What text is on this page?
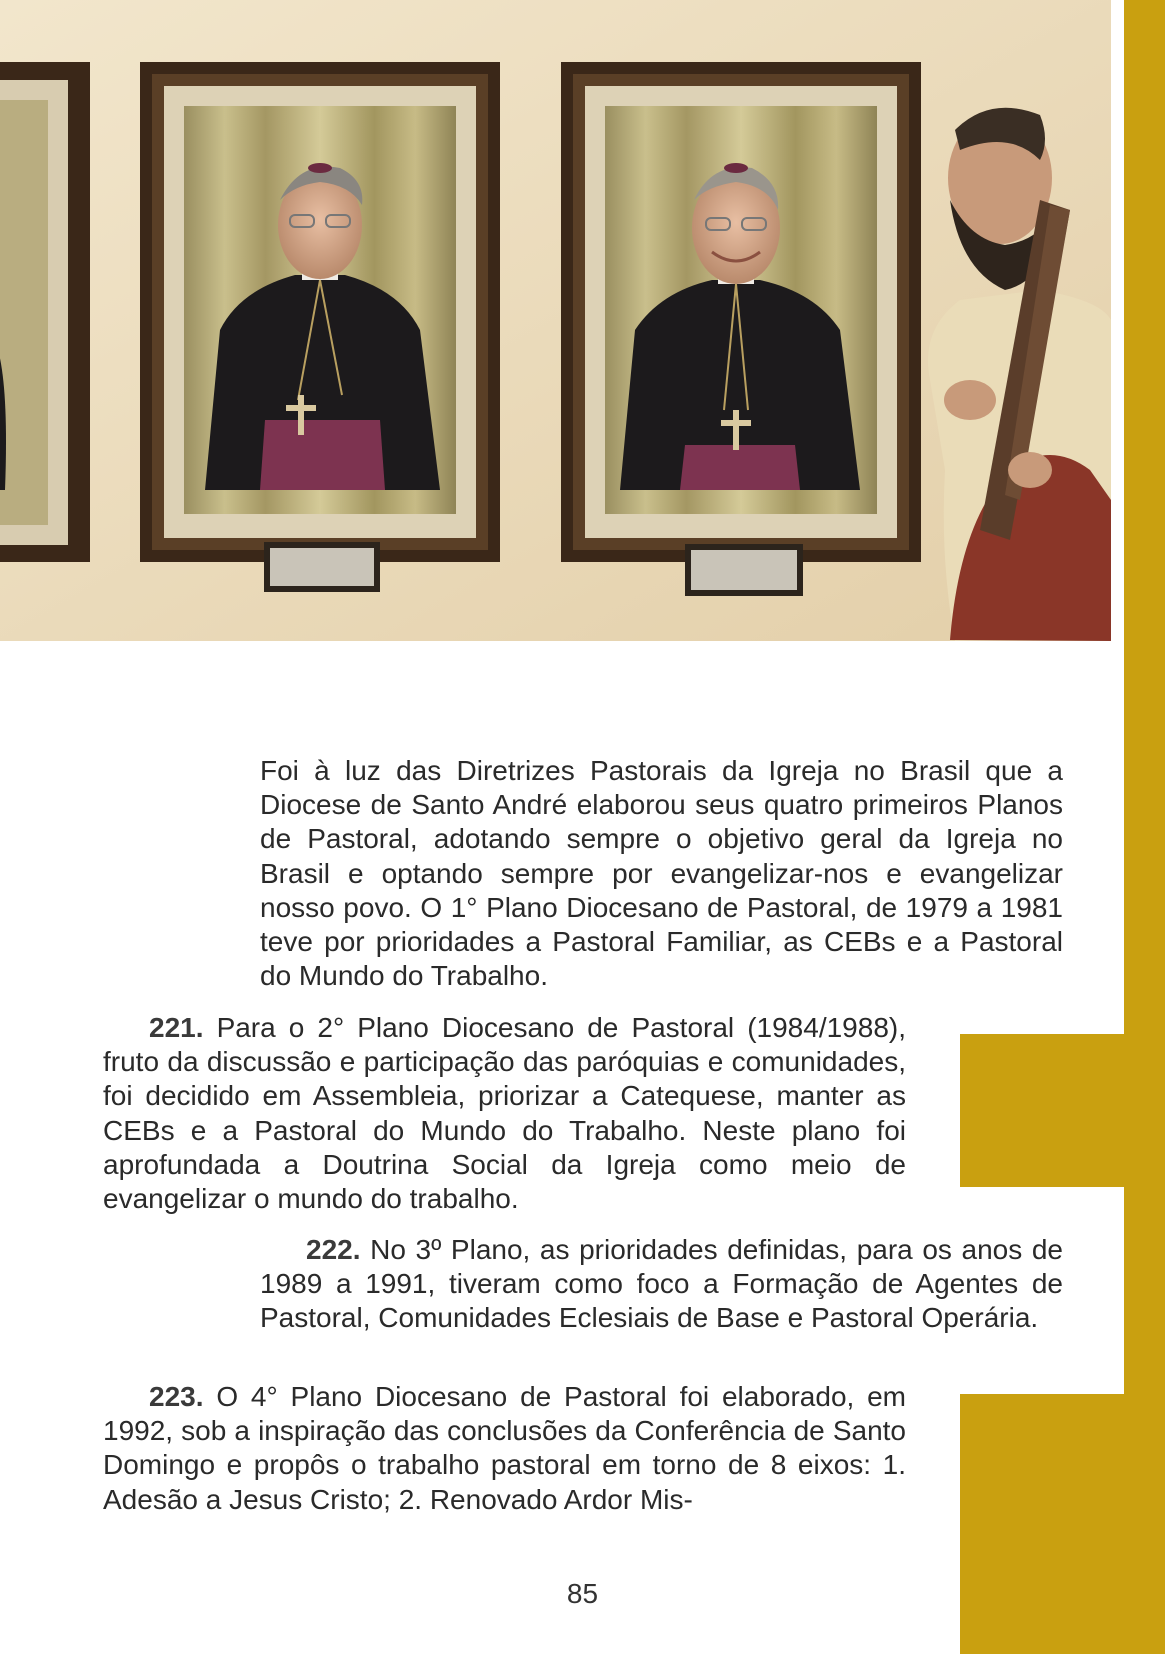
Foi à luz das Diretrizes Pastorais da Igreja no Brasil que a Diocese de Santo André elaborou seus quatro primeiros Planos de Pastoral, adotando sempre o objetivo geral da Igreja no Brasil e optando sempre por evangelizar-nos e evangelizar nosso povo. O 1° Plano Diocesano de Pastoral, de 1979 a 1981 teve por prioridades a Pastoral Familiar, as CEBs e a Pastoral do Mundo do Trabalho.

221. Para o 2° Plano Diocesano de Pastoral (1984/1988), fruto da discussão e participação das paróquias e comunidades, foi decidido em Assembleia, priorizar a Catequese, manter as CEBs e a Pastoral do Mundo do Trabalho. Neste plano foi aprofundada a Doutrina Social da Igreja como meio de evangelizar o mundo do trabalho.

222. No 3º Plano, as prioridades definidas, para os anos de 1989 a 1991, tiveram como foco a Formação de Agentes de Pastoral, Comunidades Eclesiais de Base e Pastoral Operária.

223. O 4° Plano Diocesano de Pastoral foi elaborado, em 1992, sob a inspiração das conclusões da Conferência de Santo Domingo e propôs o trabalho pastoral em torno de 8 eixos: 1. Adesão a Jesus Cristo; 2. Renovado Ardor Mis-

85
